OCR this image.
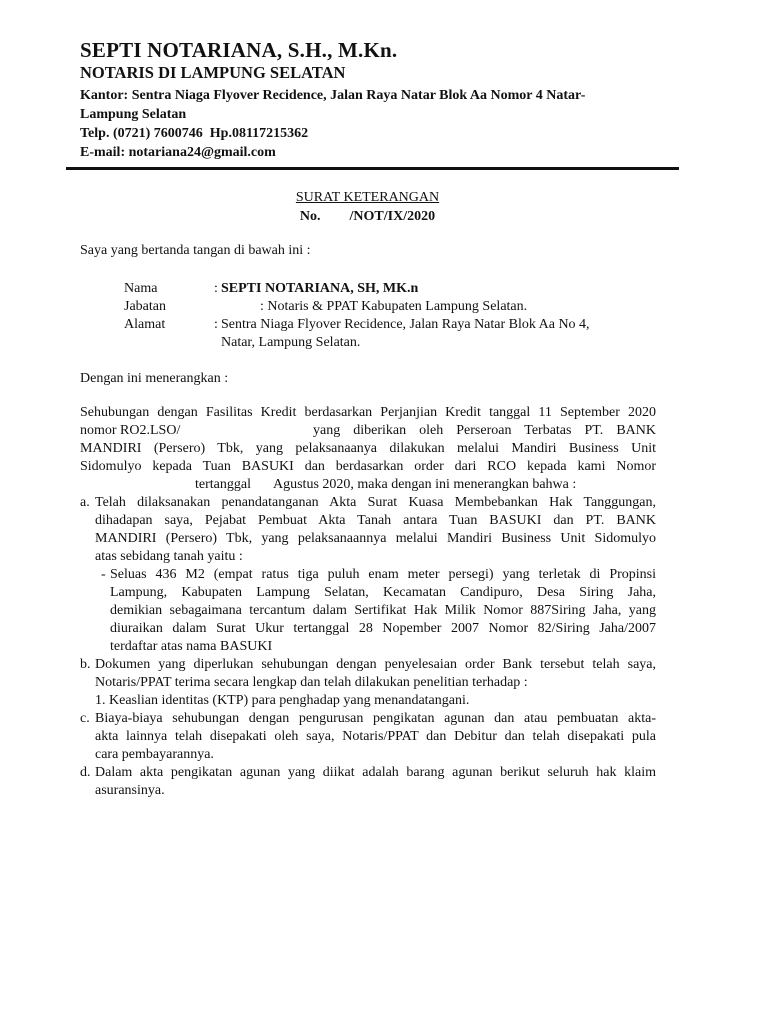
SEPTI NOTARIANA, S.H., M.Kn.
NOTARIS DI LAMPUNG SELATAN
Kantor: Sentra Niaga Flyover Recidence, Jalan Raya Natar Blok Aa Nomor 4 Natar-
Lampung Selatan
Telp. (0721) 7600746  Hp.08117215362
E-mail: notariana24@gmail.com
SURAT KETERANGAN
No. /NOT/IX/2020
Saya yang bertanda tangan di bawah ini :
Nama	: SEPTI NOTARIANA, SH, MK.n
Jabatan	: Notaris & PPAT Kabupaten Lampung Selatan.
Alamat	: Sentra Niaga Flyover Recidence, Jalan Raya Natar Blok Aa No 4,
Natar, Lampung Selatan.
Dengan ini menerangkan :
Sehubungan dengan Fasilitas Kredit berdasarkan Perjanjian Kredit tanggal 11 September 2020
nomor RO2.LSO/	yang diberikan oleh Perseroan Terbatas PT. BANK
MANDIRI (Persero) Tbk, yang pelaksanaanya dilakukan melalui Mandiri Business Unit
Sidomulyo kepada Tuan BASUKI dan berdasarkan order dari RCO kepada kami Nomor
tertanggal Agustus 2020, maka dengan ini menerangkan bahwa :
a. Telah dilaksanakan penandatanganan Akta Surat Kuasa Membebankan Hak Tanggungan,
dihadapan saya, Pejabat Pembuat Akta Tanah antara Tuan BASUKI dan PT. BANK
MANDIRI (Persero) Tbk, yang pelaksanaannya melalui Mandiri Business Unit Sidomulyo
atas sebidang tanah yaitu :
- Seluas 436 M2 (empat ratus tiga puluh enam meter persegi) yang terletak di Propinsi
Lampung, Kabupaten Lampung Selatan, Kecamatan Candipuro, Desa Siring Jaha,
demikian sebagaimana tercantum dalam Sertifikat Hak Milik Nomor 887Siring Jaha, yang
diuraikan dalam Surat Ukur tertanggal 28 Nopember 2007 Nomor 82/Siring Jaha/2007
terdaftar atas nama BASUKI
b. Dokumen yang diperlukan sehubungan dengan penyelesaian order Bank tersebut telah saya,
Notaris/PPAT terima secara lengkap dan telah dilakukan penelitian terhadap :
1. Keaslian identitas (KTP) para penghadap yang menandatangani.
c. Biaya-biaya sehubungan dengan pengurusan pengikatan agunan dan atau pembuatan akta-
akta lainnya telah disepakati oleh saya, Notaris/PPAT dan Debitur dan telah disepakati pula
cara pembayarannya.
d. Dalam akta pengikatan agunan yang diikat adalah barang agunan berikut seluruh hak klaim
asuransinya.
